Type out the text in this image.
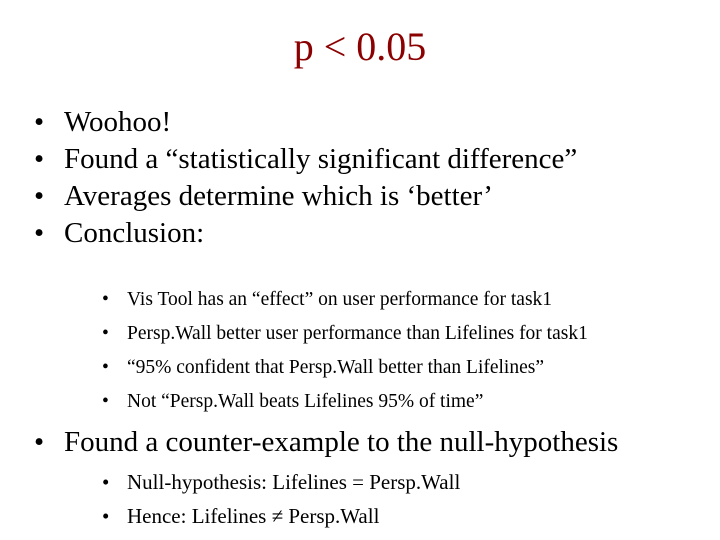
p < 0.05
• Woohoo!
• Found a “statistically significant difference”
• Averages determine which is ‘better’
• Conclusion:
• Vis Tool has an “effect” on user performance for task1
• Persp.Wall better user performance than Lifelines for task1
• “95% confident that Persp.Wall better than Lifelines”
• Not “Persp.Wall beats Lifelines 95% of time”
• Found a counter-example to the null-hypothesis
• Null-hypothesis: Lifelines = Persp.Wall
• Hence: Lifelines ≠ Persp.Wall
